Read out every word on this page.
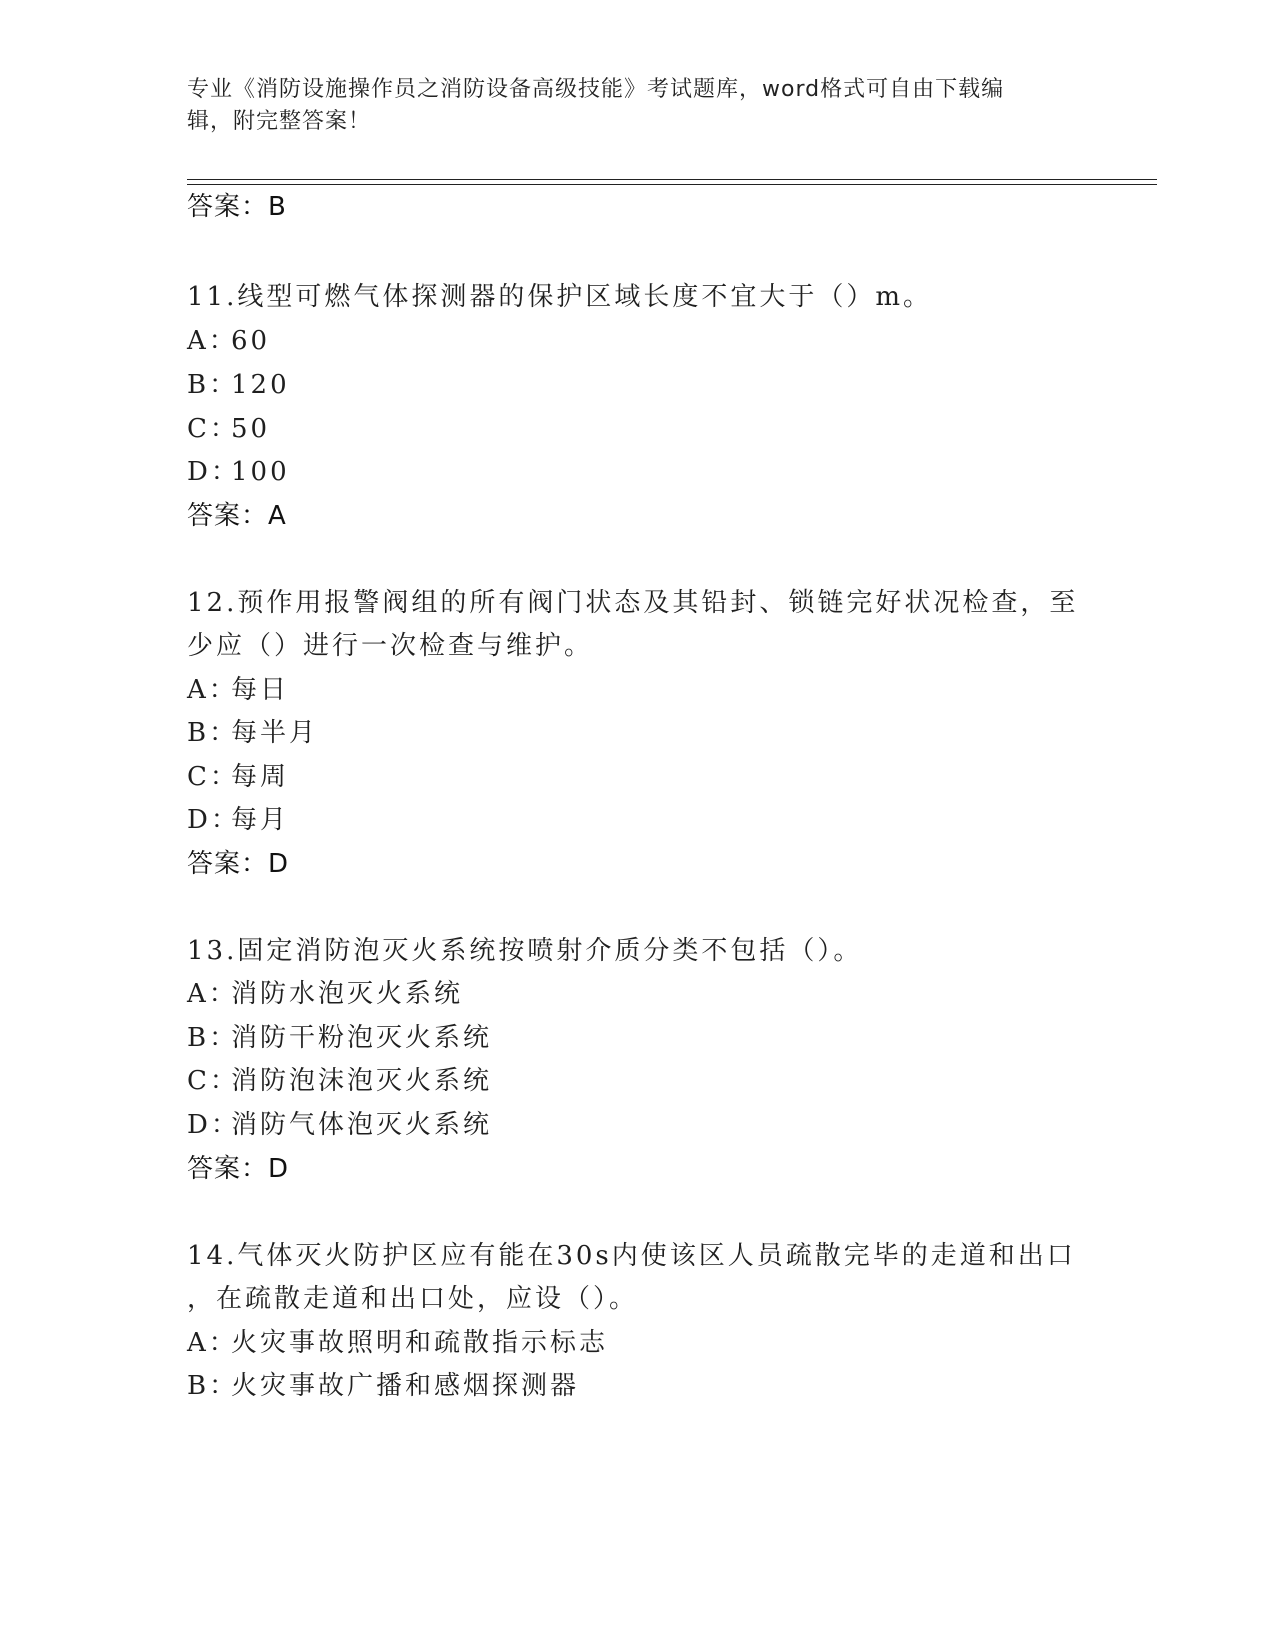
专业《消防设施操作员之消防设备高级技能》考试题库，word格式可自由下载编
辑，附完整答案！
答案：B
11.线型可燃气体探测器的保护区域长度不宜大于（）m。
A：60
B：120
C：50
D：100
答案：A
12.预作用报警阀组的所有阀门状态及其铅封、锁链完好状况检查，至
少应（）进行一次检查与维护。
A：每日
B：每半月
C：每周
D：每月
答案：D
13.固定消防泡灭火系统按喷射介质分类不包括（）。
A：消防水泡灭火系统
B：消防干粉泡灭火系统
C：消防泡沫泡灭火系统
D：消防气体泡灭火系统
答案：D
14.气体灭火防护区应有能在30s内使该区人员疏散完毕的走道和出口
，在疏散走道和出口处，应设（）。
A：火灾事故照明和疏散指示标志
B：火灾事故广播和感烟探测器
